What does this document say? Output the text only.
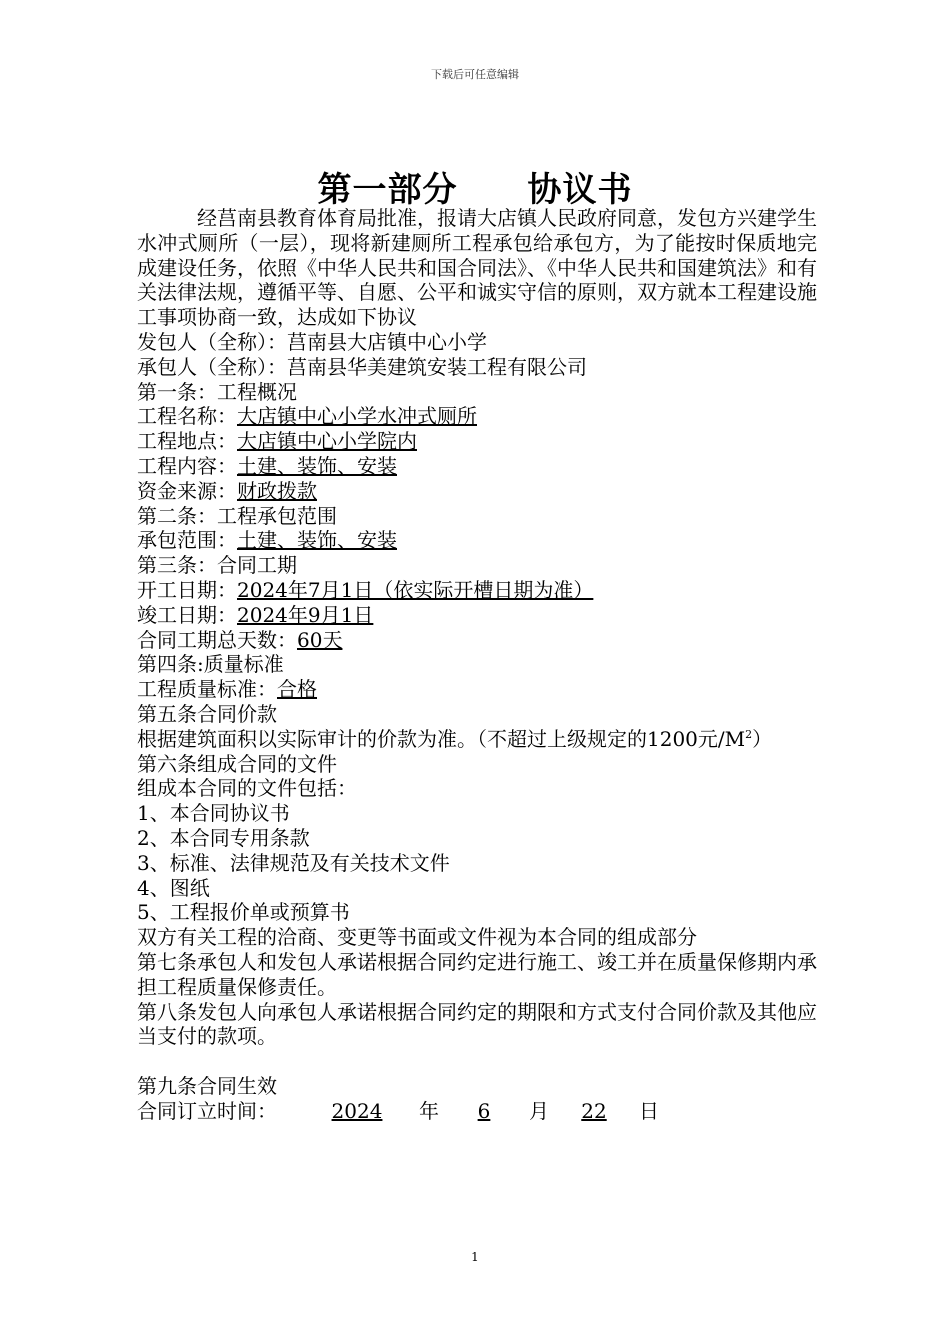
下载后可任意编辑
第一部分　　协议书

经莒南县教育体育局批准，报请大店镇人民政府同意，发包方兴建学生水冲式厕所（一层），现将新建厕所工程承包给承包方，为了能按时保质地完成建设任务，依照《中华人民共和国合同法》、《中华人民共和国建筑法》和有关法律法规，遵循平等、自愿、公平和诚实守信的原则，双方就本工程建设施工事项协商一致，达成如下协议

发包人（全称）：莒南县大店镇中心小学

承包人（全称）：莒南县华美建筑安装工程有限公司

第一条：工程概况

工程名称：大店镇中心小学水冲式厕所

工程地点：大店镇中心小学院内

工程内容：土建、装饰、安装

资金来源：财政拨款

第二条：工程承包范围

承包范围：土建、装饰、安装

第三条：合同工期

开工日期：2024年7月1日（依实际开槽日期为准）

竣工日期：2024年9月1日

合同工期总天数：60天

第四条:质量标准

工程质量标准：合格

第五条合同价款

根据建筑面积以实际审计的价款为准。（不超过上级规定的1200元$/M^2$）

第六条组成合同的文件

组成本合同的文件包括：

1、本合同协议书

2、本合同专用条款

3、标准、法律规范及有关技术文件

4、图纸

5、工程报价单或预算书

双方有关工程的洽商、变更等书面或文件视为本合同的组成部分

第七条承包人和发包人承诺根据合同约定进行施工、竣工并在质量保修期内承担工程质量保修责任。

第八条发包人向承包人承诺根据合同约定的期限和方式支付合同价款及其他应当支付的款项。

第九条合同生效

合同订立时间：	2024 年 6 月 22 日

1
